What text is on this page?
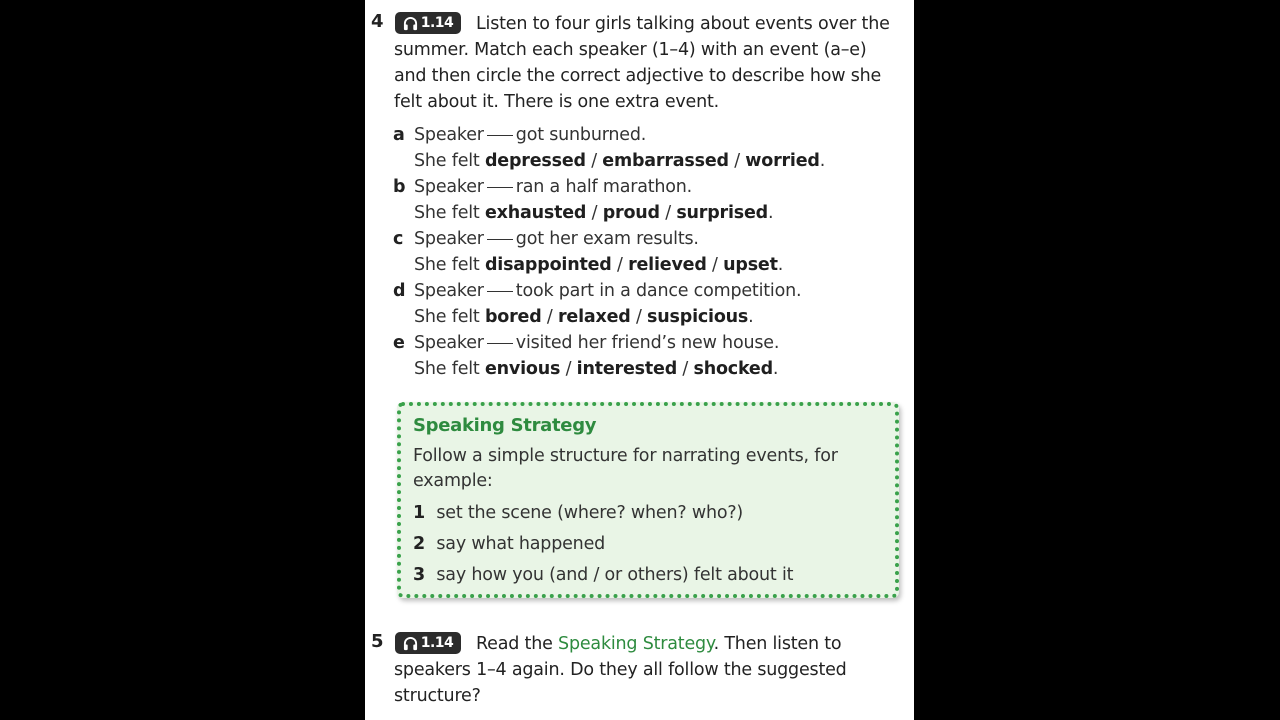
4	1.14	Listen to four girls talking about events over the summer. Match each speaker (1–4) with an event (a–e) and then circle the correct adjective to describe how she felt about it. There is one extra event.
a Speaker got sunburned.
She felt depressed / embarrassed / worried.
b Speaker ran a half marathon.
She felt exhausted / proud / surprised.
c Speaker got her exam results.
She felt disappointed / relieved / upset.
d Speaker took part in a dance competition.
She felt bored / relaxed / suspicious.
e Speaker visited her friend’s new house.
She felt envious / interested / shocked.
Speaking Strategy
Follow a simple structure for narrating events, for example:
1 set the scene (where? when? who?)
2 say what happened
3 say how you (and / or others) felt about it
5	1.14	Read the Speaking Strategy. Then listen to speakers 1–4 again. Do they all follow the suggested structure?
